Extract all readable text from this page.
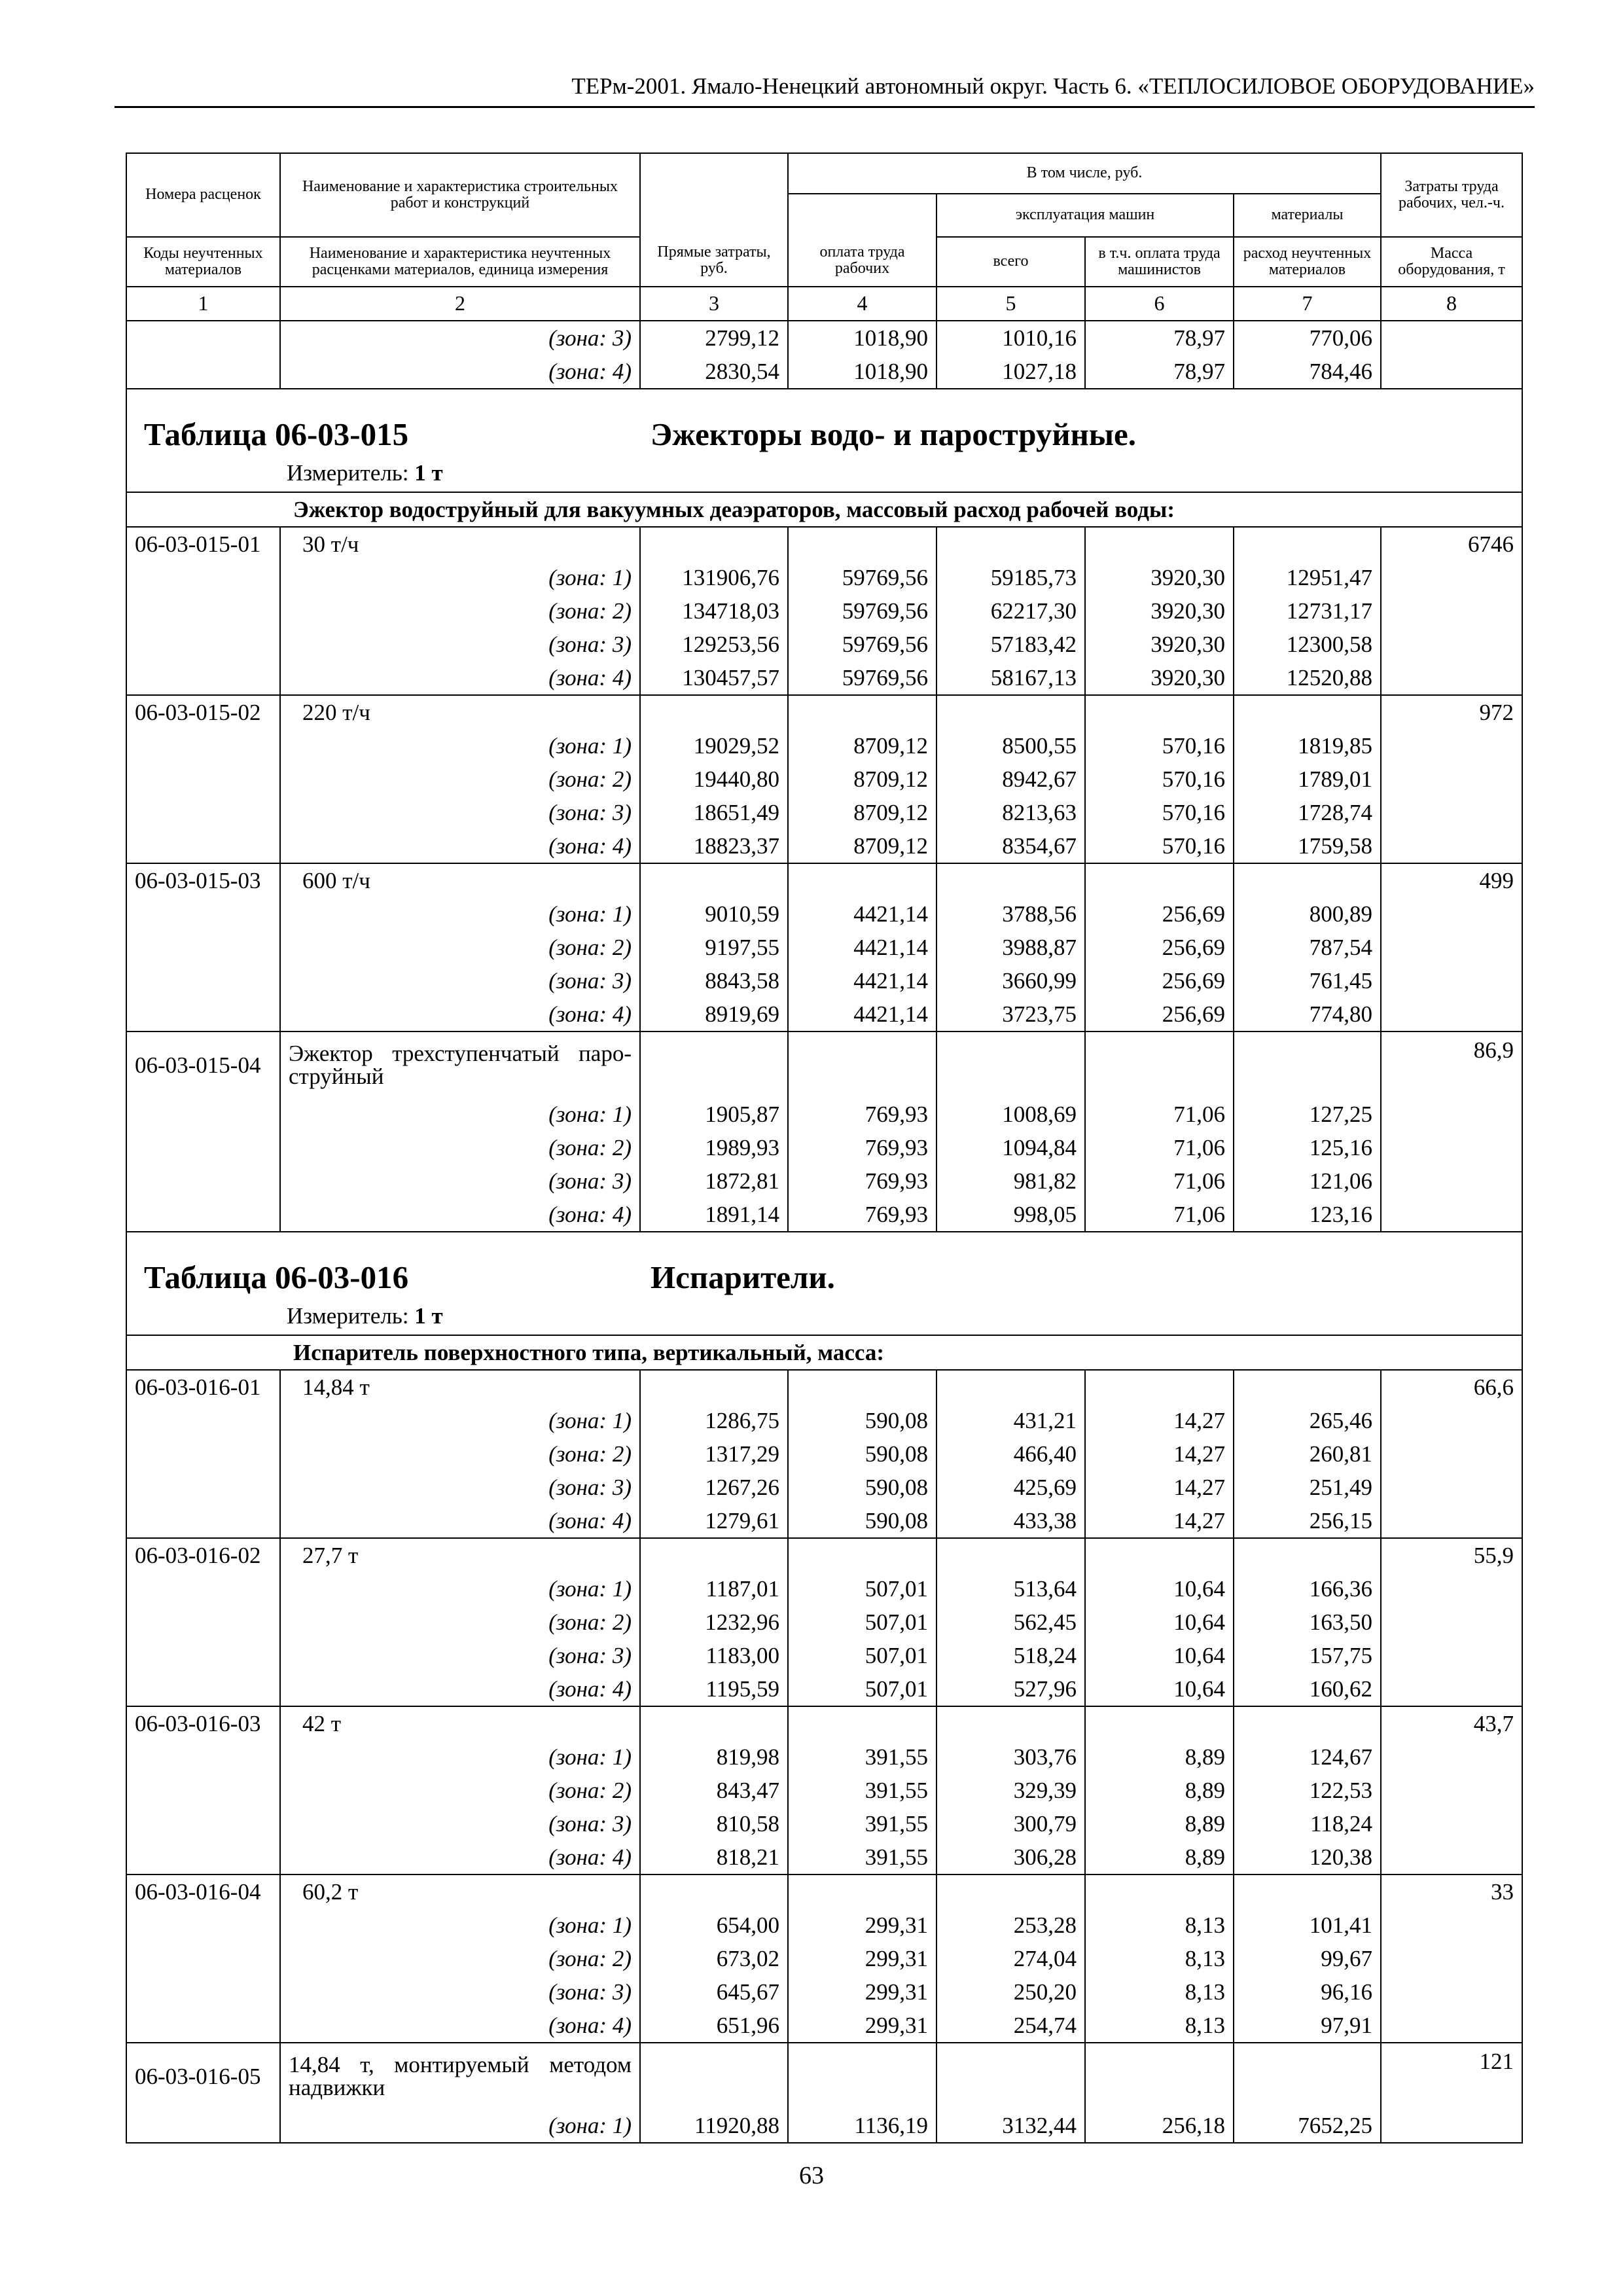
ТЕРм-2001. Ямало-Ненецкий автономный округ. Часть 6. «ТЕПЛОСИЛОВОЕ ОБОРУДОВАНИЕ»
Номера расценок	Наименование и характеристика строительных работ и конструкций	Прямые затраты, руб.	В том числе, руб.				Затраты труда рабочих, чел.-ч.
			оплата труда рабочих	эксплуатация машин		материалы	
Коды неучтенных материалов	Наименование и характеристика неучтенных расценками материалов, единица измерения			всего	в т.ч. оплата труда машинистов	расход неучтенных материалов	Масса оборудования, т
1	2	3	4	5	6	7	8
	(зона: 3)	2799,12	1018,90	1010,16	78,97	770,06	
	(зона: 4)	2830,54	1018,90	1027,18	78,97	784,46	

Таблица 06-03-015 Эжекторы водо- и пароструйные.
Измеритель: 1 т							

	Эжектор водоструйный для вакуумных деаэраторов, массовый расход рабочей воды:						
06-03-015-01	30 т/ч						6746
	(зона: 1)	131906,76	59769,56	59185,73	3920,30	12951,47	
	(зона: 2)	134718,03	59769,56	62217,30	3920,30	12731,17	
	(зона: 3)	129253,56	59769,56	57183,42	3920,30	12300,58	
	(зона: 4)	130457,57	59769,56	58167,13	3920,30	12520,88	
06-03-015-02	220 т/ч						972
	(зона: 1)	19029,52	8709,12	8500,55	570,16	1819,85	
	(зона: 2)	19440,80	8709,12	8942,67	570,16	1789,01	
	(зона: 3)	18651,49	8709,12	8213,63	570,16	1728,74	
	(зона: 4)	18823,37	8709,12	8354,67	570,16	1759,58	
06-03-015-03	600 т/ч						499
	(зона: 1)	9010,59	4421,14	3788,56	256,69	800,89	
	(зона: 2)	9197,55	4421,14	3988,87	256,69	787,54	
	(зона: 3)	8843,58	4421,14	3660,99	256,69	761,45	
	(зона: 4)	8919,69	4421,14	3723,75	256,69	774,80	
06-03-015-04	Эжектор трехступенчатый паро-струйный						86,9
	(зона: 1)	1905,87	769,93	1008,69	71,06	127,25	
	(зона: 2)	1989,93	769,93	1094,84	71,06	125,16	
	(зона: 3)	1872,81	769,93	981,82	71,06	121,06	
	(зона: 4)	1891,14	769,93	998,05	71,06	123,16	

Таблица 06-03-016 Испарители.
Измеритель: 1 т							

	Испаритель поверхностного типа, вертикальный, масса:						
06-03-016-01	14,84 т						66,6
	(зона: 1)	1286,75	590,08	431,21	14,27	265,46	
	(зона: 2)	1317,29	590,08	466,40	14,27	260,81	
	(зона: 3)	1267,26	590,08	425,69	14,27	251,49	
	(зона: 4)	1279,61	590,08	433,38	14,27	256,15	
06-03-016-02	27,7 т						55,9
	(зона: 1)	1187,01	507,01	513,64	10,64	166,36	
	(зона: 2)	1232,96	507,01	562,45	10,64	163,50	
	(зона: 3)	1183,00	507,01	518,24	10,64	157,75	
	(зона: 4)	1195,59	507,01	527,96	10,64	160,62	
06-03-016-03	42 т						43,7
	(зона: 1)	819,98	391,55	303,76	8,89	124,67	
	(зона: 2)	843,47	391,55	329,39	8,89	122,53	
	(зона: 3)	810,58	391,55	300,79	8,89	118,24	
	(зона: 4)	818,21	391,55	306,28	8,89	120,38	
06-03-016-04	60,2 т						33
	(зона: 1)	654,00	299,31	253,28	8,13	101,41	
	(зона: 2)	673,02	299,31	274,04	8,13	99,67	
	(зона: 3)	645,67	299,31	250,20	8,13	96,16	
	(зона: 4)	651,96	299,31	254,74	8,13	97,91	
06-03-016-05	14,84 т, монтируемый методом надвижки						121
	(зона: 1)	11920,88	1136,19	3132,44	256,18	7652,25	
63
